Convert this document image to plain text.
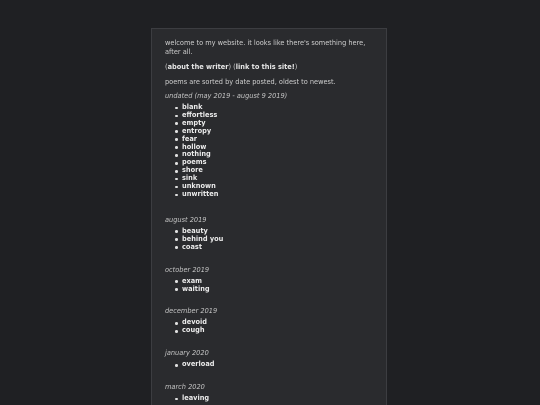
welcome to my website. it looks like there's something here, after all.

(about the writer) (link to this site!)

poems are sorted by date posted, oldest to newest.

undated (may 2019 - august 9 2019)

blank
effortless
empty
entropy
fear
hollow
nothing
poems
shore
sink
unknown
unwritten

august 2019

beauty
behind you
coast

october 2019

exam
waiting

december 2019

devoid
cough

january 2020

overload

march 2020

leaving
